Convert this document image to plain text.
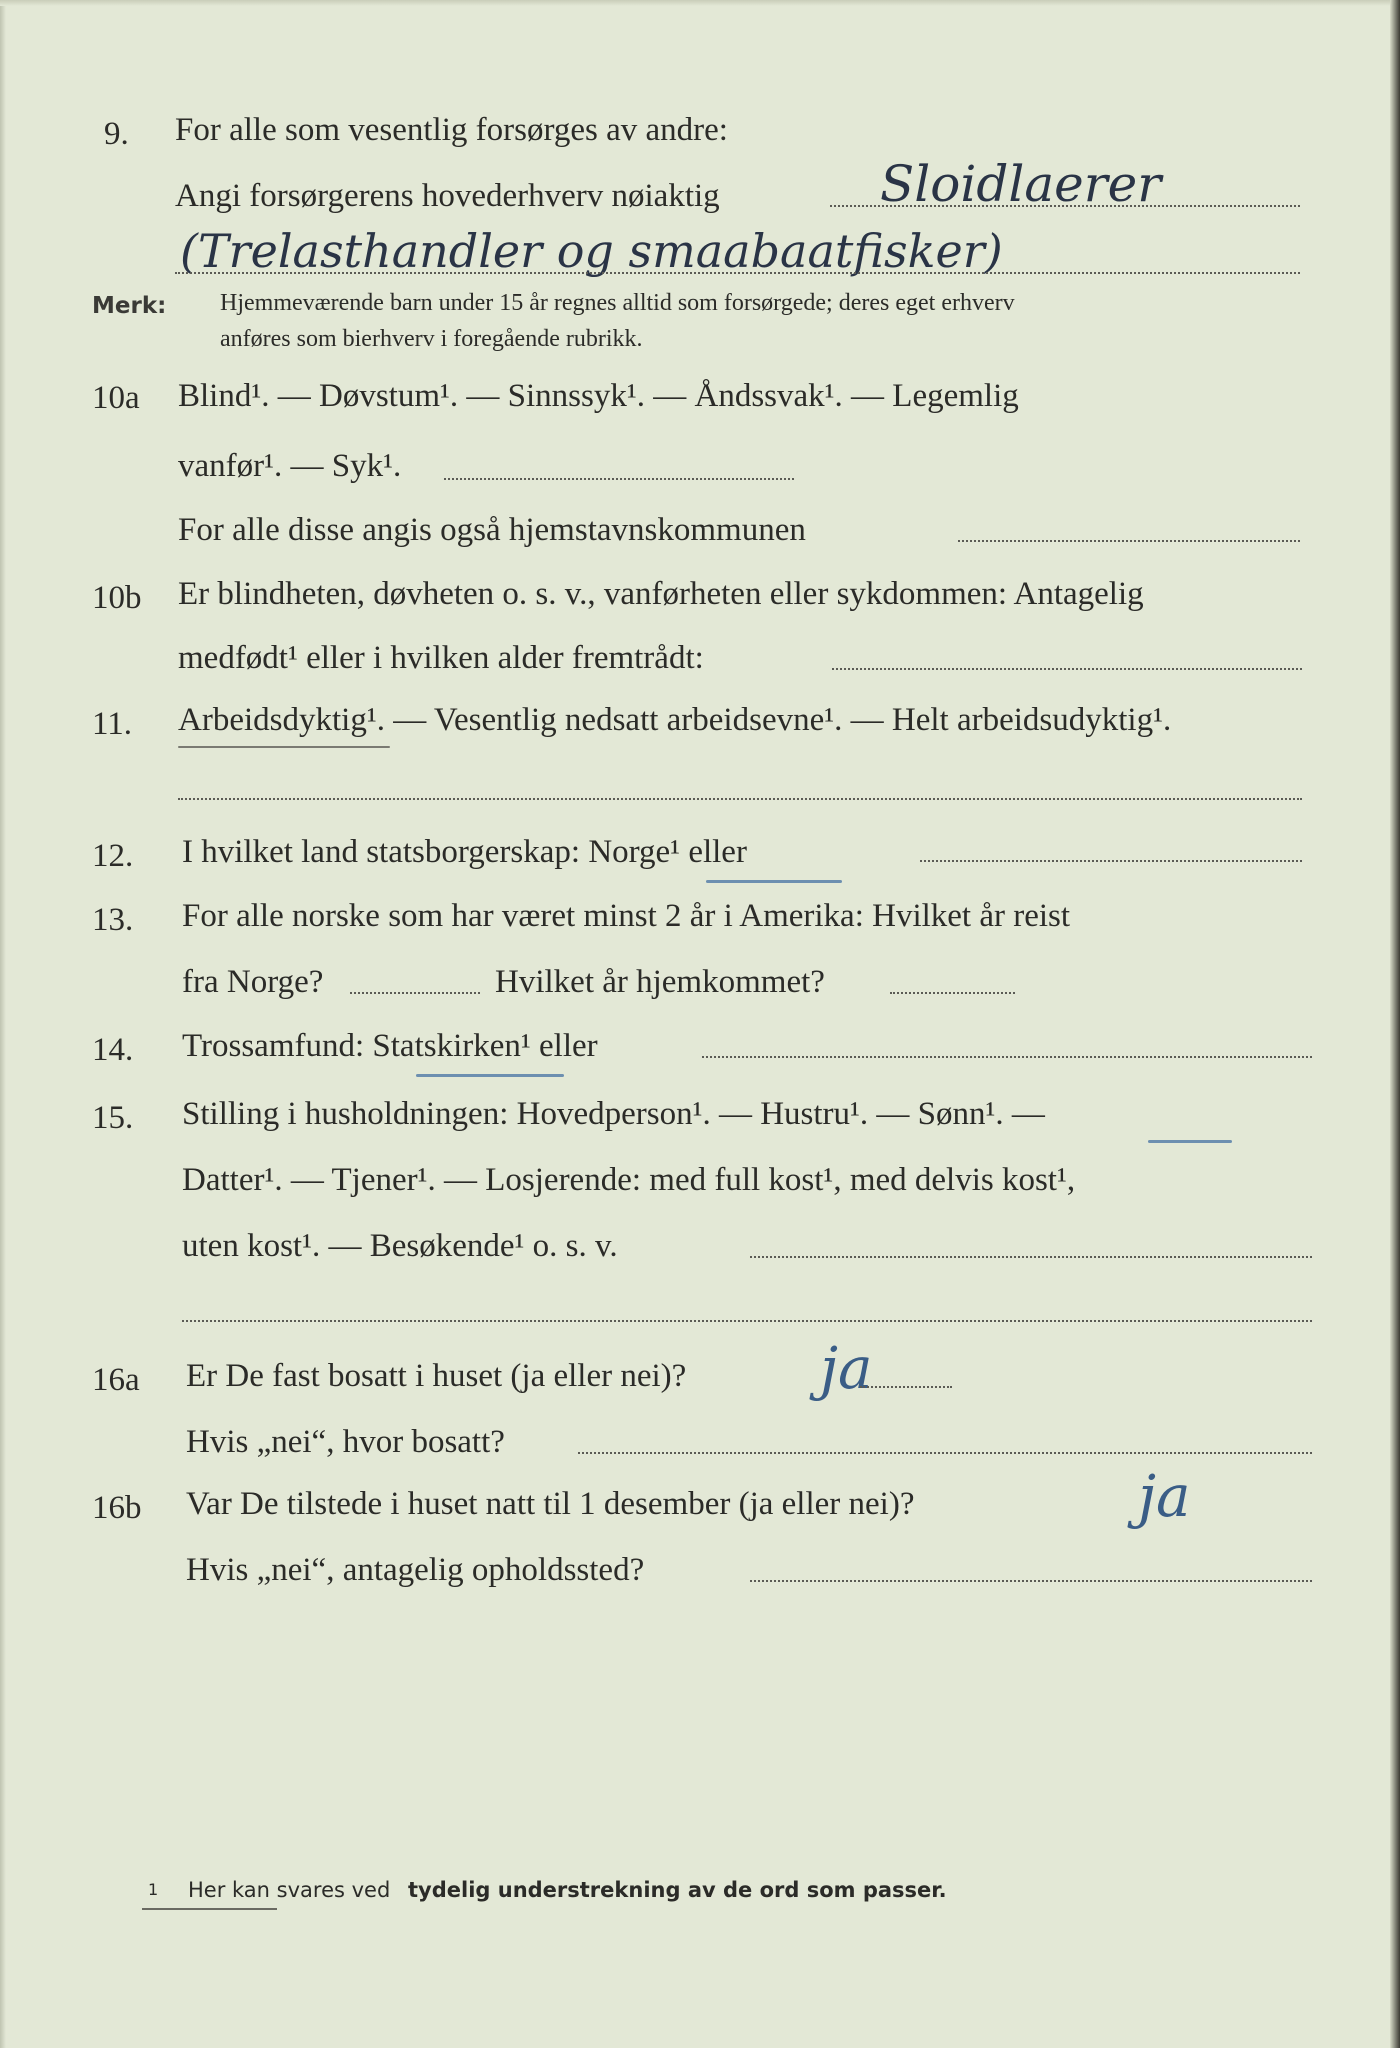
9. For alle som vesentlig forsørges av andre:
Angi forsørgerens hovederhverv nøiaktig	Sloidlaerer
(Trelasthandler og smaabaatfisker)
Merk: Hjemmeværende barn under 15 år regnes alltid som forsørgede; deres eget erhverv
anføres som bierhverv i foregående rubrikk.
10a Blind¹. — Døvstum¹. — Sinnssyk¹. — Åndssvak¹. — Legemlig
vanfør¹. — Syk¹.
For alle disse angis også hjemstavnskommunen
10b Er blindheten, døvheten o. s. v., vanførheten eller sykdommen: Antagelig
medfødt¹ eller i hvilken alder fremtrådt:
11. Arbeidsdyktig¹. — Vesentlig nedsatt arbeidsevne¹. — Helt arbeidsudyktig¹.
12. I hvilket land statsborgerskap: Norge¹ eller
13. For alle norske som har været minst 2 år i Amerika: Hvilket år reist
fra Norge?	Hvilket år hjemkommet?
14. Trossamfund: Statskirken¹ eller
15. Stilling i husholdningen: Hovedperson¹. — Hustru¹. — Sønn¹. —
Datter¹. — Tjener¹. — Losjerende: med full kost¹, med delvis kost¹,
uten kost¹. — Besøkende¹ o. s. v.
16a Er De fast bosatt i huset (ja eller nei)? ja
Hvis „nei“, hvor bosatt?
16b Var De tilstede i huset natt til 1 desember (ja eller nei)?	ja
Hvis „nei“, antagelig opholdssted?
1 Her kan svares ved tydelig understrekning av de ord som passer.
